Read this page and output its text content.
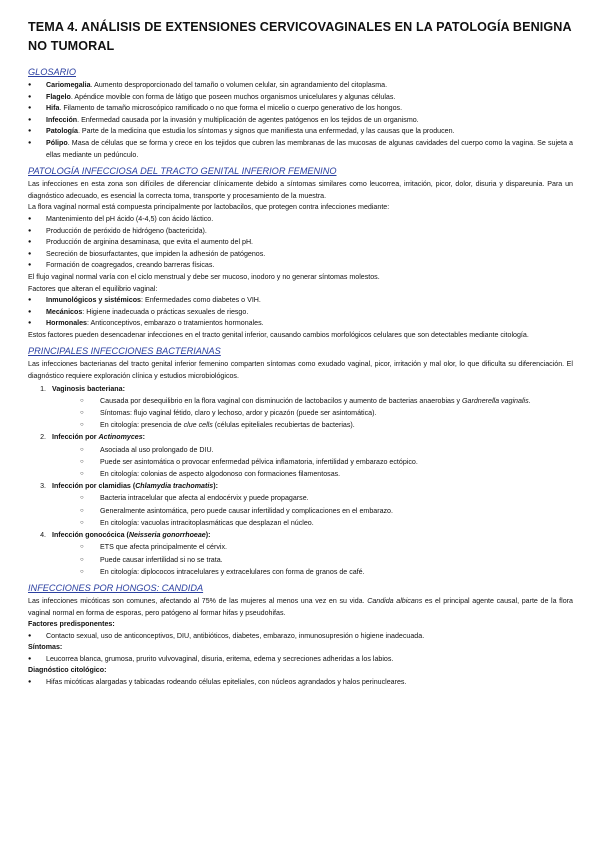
TEMA 4. ANÁLISIS DE EXTENSIONES CERVICOVAGINALES EN LA PATOLOGÍA BENIGNA NO TUMORAL
GLOSARIO
● Cariomegalia. Aumento desproporcionado del tamaño o volumen celular, sin agrandamiento del citoplasma.
● Flagelo. Apéndice movible con forma de látigo que poseen muchos organismos unicelulares y algunas células.
● Hifa. Filamento de tamaño microscópico ramificado o no que forma el micelio o cuerpo generativo de los hongos.
● Infección. Enfermedad causada por la invasión y multiplicación de agentes patógenos en los tejidos de un organismo.
● Patología. Parte de la medicina que estudia los síntomas y signos que manifiesta una enfermedad, y las causas que la producen.
● Pólipo. Masa de células que se forma y crece en los tejidos que cubren las membranas de las mucosas de algunas cavidades del cuerpo como la vagina. Se sujeta a ellas mediante un pedúnculo.
PATOLOGÍA INFECCIOSA DEL TRACTO GENITAL INFERIOR FEMENINO

Las infecciones en esta zona son difíciles de diferenciar clínicamente debido a síntomas similares como leucorrea, irritación, picor, dolor, disuria y dispareunia. Para un diagnóstico adecuado, es esencial la correcta toma, transporte y procesamiento de la muestra.

La flora vaginal normal está compuesta principalmente por lactobacilos, que protegen contra infecciones mediante:

● Mantenimiento del pH ácido (4-4,5) con ácido láctico.
● Producción de peróxido de hidrógeno (bactericida).
● Producción de arginina desaminasa, que evita el aumento del pH.
● Secreción de biosurfactantes, que impiden la adhesión de patógenos.
● Formación de coagregados, creando barreras físicas.

El flujo vaginal normal varía con el ciclo menstrual y debe ser mucoso, inodoro y no generar síntomas molestos.

Factores que alteran el equilibrio vaginal:

● Inmunológicos y sistémicos: Enfermedades como diabetes o VIH.
● Mecánicos: Higiene inadecuada o prácticas sexuales de riesgo.
● Hormonales: Anticonceptivos, embarazo o tratamientos hormonales.

Estos factores pueden desencadenar infecciones en el tracto genital inferior, causando cambios morfológicos celulares que son detectables mediante citología.

PRINCIPALES INFECCIONES BACTERIANAS

Las infecciones bacterianas del tracto genital inferior femenino comparten síntomas como exudado vaginal, picor, irritación y mal olor, lo que dificulta su diferenciación. El diagnóstico requiere exploración clínica y estudios microbiológicos.

1. Vaginosis bacteriana:
○ Causada por desequilibrio en la flora vaginal con disminución de lactobacilos y aumento de bacterias anaerobias y Gardnerella vaginalis.
○ Síntomas: flujo vaginal fétido, claro y lechoso, ardor y picazón (puede ser asintomática).
○ En citología: presencia de clue cells (células epiteliales recubiertas de bacterias).
2. Infección por Actinomyces:
○ Asociada al uso prolongado de DIU.
○ Puede ser asintomática o provocar enfermedad pélvica inflamatoria, infertilidad y embarazo ectópico.
○ En citología: colonias de aspecto algodonoso con formaciones filamentosas.
3. Infección por clamidias (Chlamydia trachomatis):
○ Bacteria intracelular que afecta al endocérvix y puede propagarse.
○ Generalmente asintomática, pero puede causar infertilidad y complicaciones en el embarazo.
○ En citología: vacuolas intracitoplasmáticas que desplazan el núcleo.
4. Infección gonocócica (Neisseria gonorrhoeae):
○ ETS que afecta principalmente el cérvix.
○ Puede causar infertilidad si no se trata.
○ En citología: diplococos intracelulares y extracelulares con forma de granos de café.
INFECCIONES POR HONGOS: CANDIDA

Las infecciones micóticas son comunes, afectando al 75% de las mujeres al menos una vez en su vida. Candida albicans es el principal agente causal, parte de la flora vaginal normal en forma de esporas, pero patógeno al formar hifas y pseudohifas.

Factores predisponentes:

● Contacto sexual, uso de anticonceptivos, DIU, antibióticos, diabetes, embarazo, inmunosupresión o higiene inadecuada.

Síntomas:

● Leucorrea blanca, grumosa, prurito vulvovaginal, disuria, eritema, edema y secreciones adheridas a los labios.

Diagnóstico citológico:

● Hifas micóticas alargadas y tabicadas rodeando células epiteliales, con núcleos agrandados y halos perinucleares.
